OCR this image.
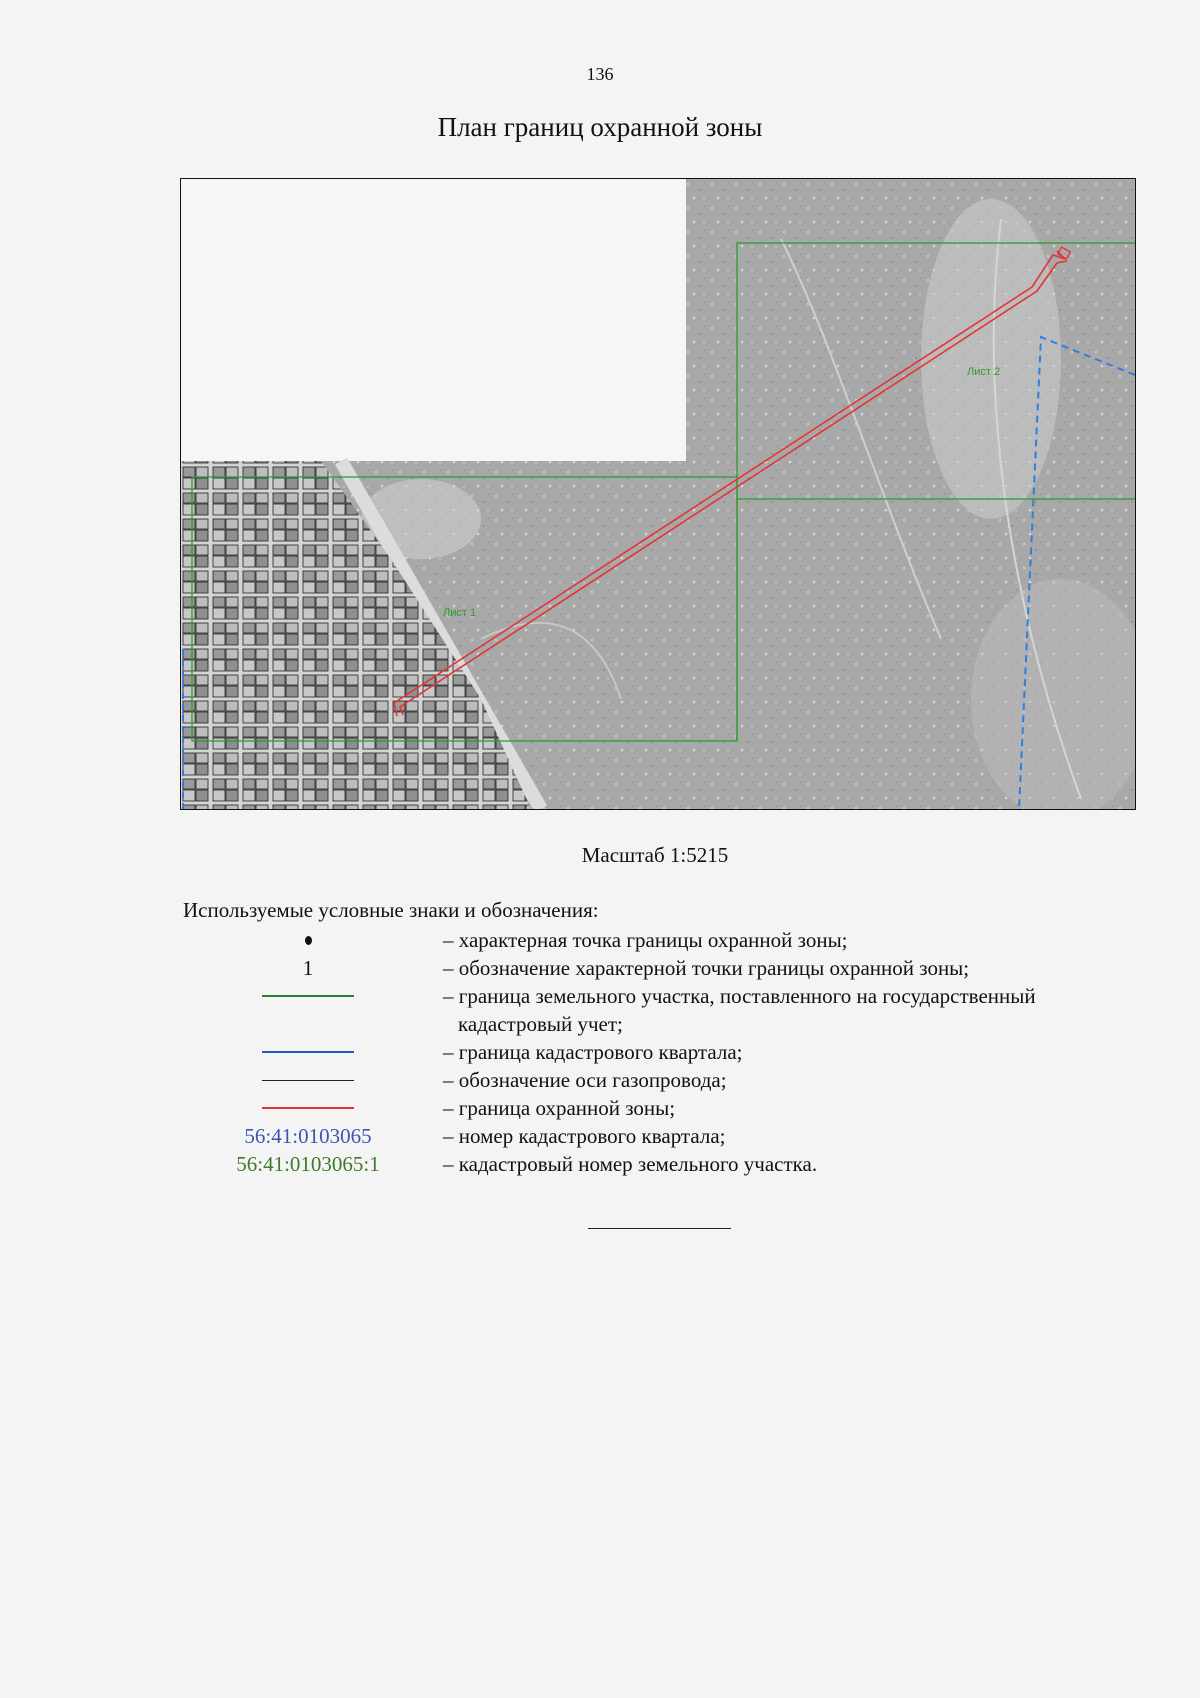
136
План границ охранной зоны
Лист 1
Лист 2
Масштаб 1:5215
Используемые условные знаки и обозначения:
– характерная точка границы охранной зоны;
1	– обозначение характерной точки границы охранной зоны;
– граница земельного участка, поставленного на государственный
кадастровый учет;
– граница кадастрового квартала;
– обозначение оси газопровода;
– граница охранной зоны;
56:41:0103065	– номер кадастрового квартала;
56:41:0103065:1	– кадастровый номер земельного участка.
